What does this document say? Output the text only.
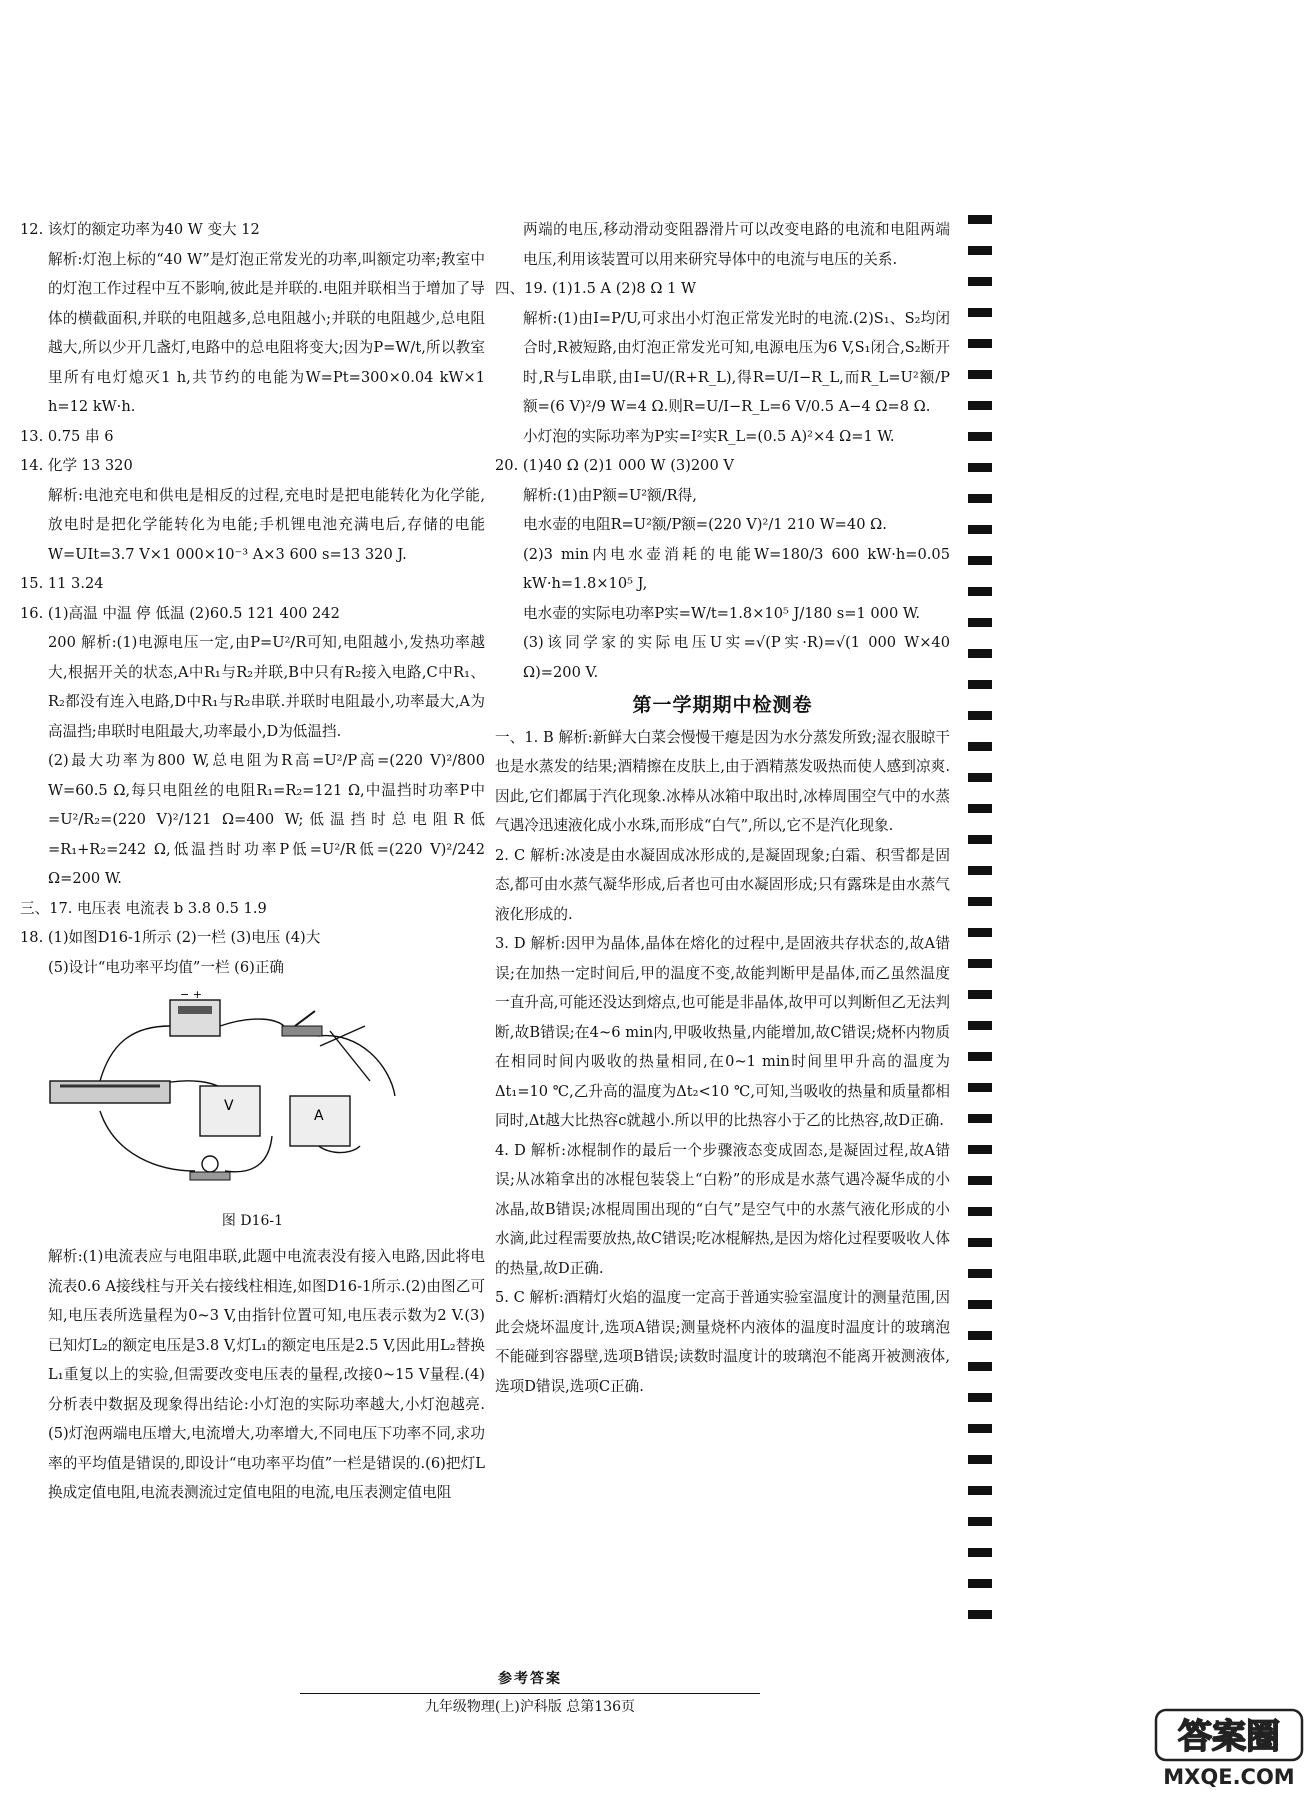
12. 该灯的额定功率为40 W 变大 12
解析:灯泡上标的“40 W”是灯泡正常发光的功率,叫额定功率;教室中的灯泡工作过程中互不影响,彼此是并联的.电阻并联相当于增加了导体的横截面积,并联的电阻越多,总电阻越小;并联的电阻越少,总电阻越大,所以少开几盏灯,电路中的总电阻将变大;因为P=W/t,所以教室里所有电灯熄灭1 h,共节约的电能为W=Pt=300×0.04 kW×1 h=12 kW·h.
13. 0.75 串 6
14. 化学 13 320
解析:电池充电和供电是相反的过程,充电时是把电能转化为化学能,放电时是把化学能转化为电能;手机锂电池充满电后,存储的电能W=UIt=3.7 V×1 000×10⁻³ A×3 600 s=13 320 J.
15. 11 3.24
16. (1)高温 中温 停 低温 (2)60.5 121 400 242
200 解析:(1)电源电压一定,由P=U²/R可知,电阻越小,发热功率越大,根据开关的状态,A中R₁与R₂并联,B中只有R₂接入电路,C中R₁、R₂都没有连入电路,D中R₁与R₂串联.并联时电阻最小,功率最大,A为高温挡;串联时电阻最大,功率最小,D为低温挡.
(2)最大功率为800 W,总电阻为R高=U²/P高=(220 V)²/800 W=60.5 Ω,每只电阻丝的电阻R₁=R₂=121 Ω,中温挡时功率P中=U²/R₂=(220 V)²/121 Ω=400 W;低温挡时总电阻R低=R₁+R₂=242 Ω,低温挡时功率P低=U²/R低=(220 V)²/242 Ω=200 W.
三、17. 电压表 电流表 b 3.8 0.5 1.9
18. (1)如图D16-1所示 (2)一栏 (3)电压 (4)大
(5)设计“电功率平均值”一栏 (6)正确
− +
V
A
图 D16-1
解析:(1)电流表应与电阻串联,此题中电流表没有接入电路,因此将电流表0.6 A接线柱与开关右接线柱相连,如图D16-1所示.(2)由图乙可知,电压表所选量程为0~3 V,由指针位置可知,电压表示数为2 V.(3)已知灯L₂的额定电压是3.8 V,灯L₁的额定电压是2.5 V,因此用L₂替换L₁重复以上的实验,但需要改变电压表的量程,改接0~15 V量程.(4)分析表中数据及现象得出结论:小灯泡的实际功率越大,小灯泡越亮.(5)灯泡两端电压增大,电流增大,功率增大,不同电压下功率不同,求功率的平均值是错误的,即设计“电功率平均值”一栏是错误的.(6)把灯L换成定值电阻,电流表测流过定值电阻的电流,电压表测定值电阻
两端的电压,移动滑动变阻器滑片可以改变电路的电流和电阻两端电压,利用该装置可以用来研究导体中的电流与电压的关系.
四、19. (1)1.5 A (2)8 Ω 1 W
解析:(1)由I=P/U,可求出小灯泡正常发光时的电流.(2)S₁、S₂均闭合时,R被短路,由灯泡正常发光可知,电源电压为6 V,S₁闭合,S₂断开时,R与L串联,由I=U/(R+R_L),得R=U/I−R_L,而R_L=U²额/P额=(6 V)²/9 W=4 Ω.则R=U/I−R_L=6 V/0.5 A−4 Ω=8 Ω.
小灯泡的实际功率为P实=I²实R_L=(0.5 A)²×4 Ω=1 W.
20. (1)40 Ω (2)1 000 W (3)200 V
解析:(1)由P额=U²额/R得,
电水壶的电阻R=U²额/P额=(220 V)²/1 210 W=40 Ω.
(2)3 min内电水壶消耗的电能W=180/3 600 kW·h=0.05 kW·h=1.8×10⁵ J,
电水壶的实际电功率P实=W/t=1.8×10⁵ J/180 s=1 000 W.
(3)该同学家的实际电压U实=√(P实·R)=√(1 000 W×40 Ω)=200 V.
第一学期期中检测卷
一、1. B 解析:新鲜大白菜会慢慢干瘪是因为水分蒸发所致;湿衣服晾干也是水蒸发的结果;酒精擦在皮肤上,由于酒精蒸发吸热而使人感到凉爽.因此,它们都属于汽化现象.冰棒从冰箱中取出时,冰棒周围空气中的水蒸气遇冷迅速液化成小水珠,而形成“白气”,所以,它不是汽化现象.
2. C 解析:冰凌是由水凝固成冰形成的,是凝固现象;白霜、积雪都是固态,都可由水蒸气凝华形成,后者也可由水凝固形成;只有露珠是由水蒸气液化形成的.
3. D 解析:因甲为晶体,晶体在熔化的过程中,是固液共存状态的,故A错误;在加热一定时间后,甲的温度不变,故能判断甲是晶体,而乙虽然温度一直升高,可能还没达到熔点,也可能是非晶体,故甲可以判断但乙无法判断,故B错误;在4~6 min内,甲吸收热量,内能增加,故C错误;烧杯内物质在相同时间内吸收的热量相同,在0~1 min时间里甲升高的温度为Δt₁=10 ℃,乙升高的温度为Δt₂<10 ℃,可知,当吸收的热量和质量都相同时,Δt越大比热容c就越小.所以甲的比热容小于乙的比热容,故D正确.
4. D 解析:冰棍制作的最后一个步骤液态变成固态,是凝固过程,故A错误;从冰箱拿出的冰棍包装袋上“白粉”的形成是水蒸气遇冷凝华成的小冰晶,故B错误;冰棍周围出现的“白气”是空气中的水蒸气液化形成的小水滴,此过程需要放热,故C错误;吃冰棍解热,是因为熔化过程要吸收人体的热量,故D正确.
5. C 解析:酒精灯火焰的温度一定高于普通实验室温度计的测量范围,因此会烧坏温度计,选项A错误;测量烧杯内液体的温度时温度计的玻璃泡不能碰到容器壁,选项B错误;读数时温度计的玻璃泡不能离开被测液体,选项D错误,选项C正确.
参考答案
九年级物理(上)沪科版 总第136页
答案圈
MXQE.COM
